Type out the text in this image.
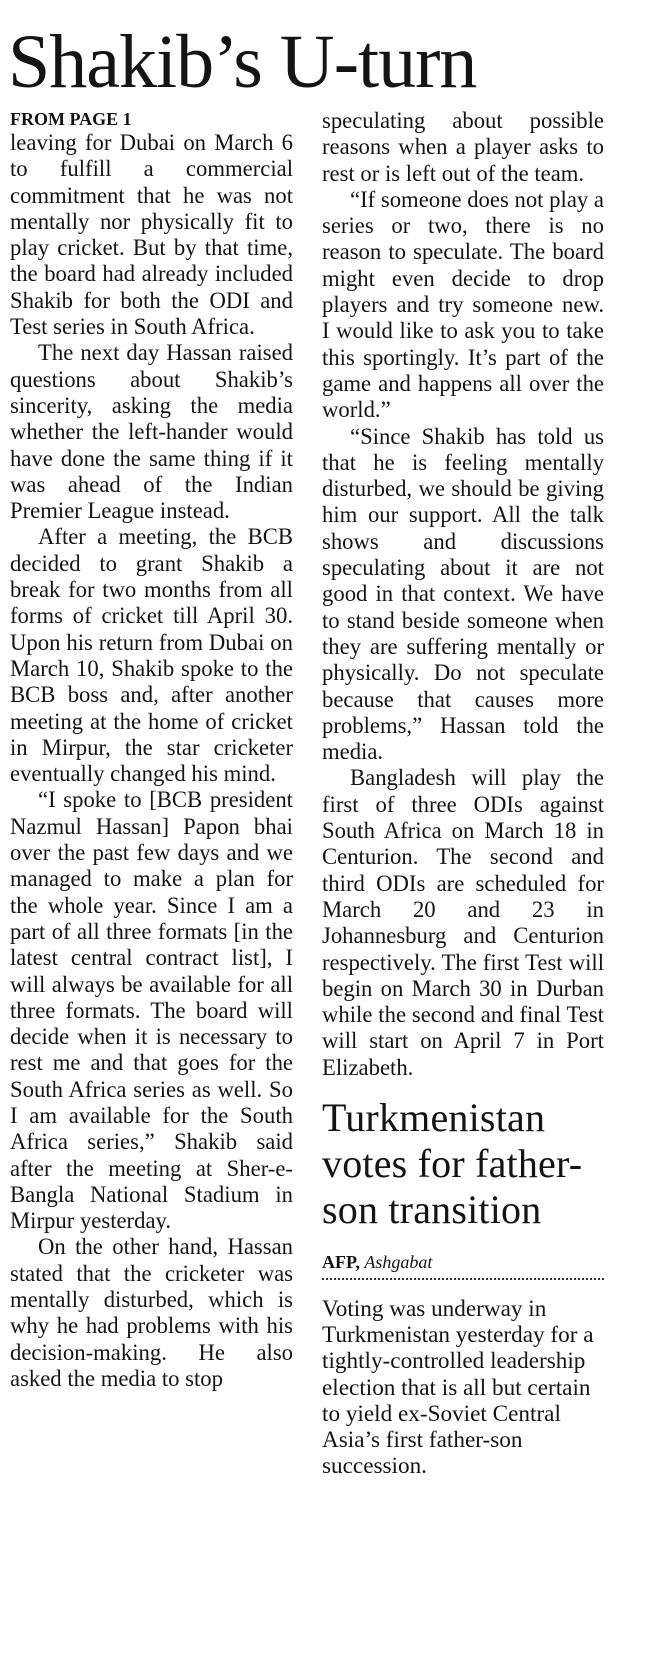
Shakib’s U-turn
FROM PAGE 1

leaving for Dubai on March 6 to fulfill a commercial commitment that he was not mentally nor physically fit to play cricket. But by that time, the board had already included Shakib for both the ODI and Test series in South Africa.

The next day Hassan raised questions about Shakib’s sincerity, asking the media whether the left-hander would have done the same thing if it was ahead of the Indian Premier League instead.

After a meeting, the BCB decided to grant Shakib a break for two months from all forms of cricket till April 30. Upon his return from Dubai on March 10, Shakib spoke to the BCB boss and, after another meeting at the home of cricket in Mirpur, the star cricketer eventually changed his mind.

“I spoke to [BCB president Nazmul Hassan] Papon bhai over the past few days and we managed to make a plan for the whole year. Since I am a part of all three formats [in the latest central contract list], I will always be available for all three formats. The board will decide when it is necessary to rest me and that goes for the South Africa series as well. So I am available for the South Africa series,” Shakib said after the meeting at Sher-e-Bangla National Stadium in Mirpur yesterday.

On the other hand, Hassan stated that the cricketer was mentally disturbed, which is why he had problems with his decision-making. He also asked the media to stop

speculating about possible reasons when a player asks to rest or is left out of the team.

“If someone does not play a series or two, there is no reason to speculate. The board might even decide to drop players and try someone new. I would like to ask you to take this sportingly. It’s part of the game and happens all over the world.”

“Since Shakib has told us that he is feeling mentally disturbed, we should be giving him our support. All the talk shows and discussions speculating about it are not good in that context. We have to stand beside someone when they are suffering mentally or physically. Do not speculate because that causes more problems,” Hassan told the media.

Bangladesh will play the first of three ODIs against South Africa on March 18 in Centurion. The second and third ODIs are scheduled for March 20 and 23 in Johannesburg and Centurion respectively. The first Test will begin on March 30 in Durban while the second and final Test will start on April 7 in Port Elizabeth.

Turkmenistan votes for father-son transition
AFP, Ashgabat

Voting was underway in Turkmenistan yesterday for a tightly-controlled leadership election that is all but certain to yield ex-Soviet Central Asia’s first father-son succession.
